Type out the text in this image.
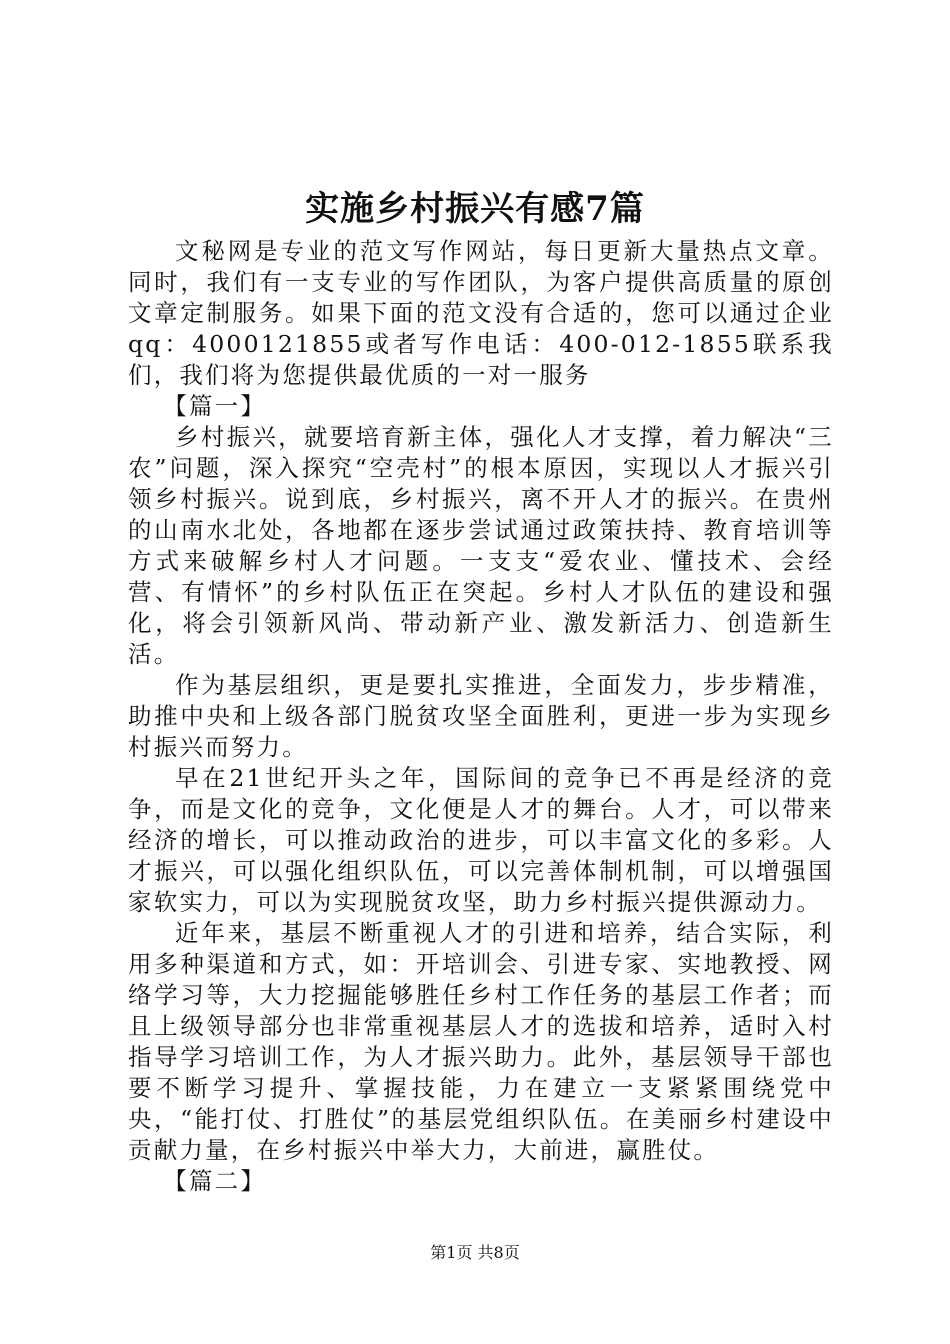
实施乡村振兴有感7篇

文秘网是专业的范文写作网站，每日更新大量热点文章。同时，我们有一支专业的写作团队，为客户提供高质量的原创文章定制服务。如果下面的范文没有合适的，您可以通过企业qq：4000121855或者写作电话：400-012-1855联系我们，我们将为您提供最优质的一对一服务

【篇一】

乡村振兴，就要培育新主体，强化人才支撑，着力解决“三农”问题，深入探究“空壳村”的根本原因，实现以人才振兴引领乡村振兴。说到底，乡村振兴，离不开人才的振兴。在贵州的山南水北处，各地都在逐步尝试通过政策扶持、教育培训等方式来破解乡村人才问题。一支支“爱农业、懂技术、会经营、有情怀”的乡村队伍正在突起。乡村人才队伍的建设和强化，将会引领新风尚、带动新产业、激发新活力、创造新生活。

作为基层组织，更是要扎实推进，全面发力，步步精准，助推中央和上级各部门脱贫攻坚全面胜利，更进一步为实现乡村振兴而努力。

早在21世纪开头之年，国际间的竞争已不再是经济的竞争，而是文化的竞争，文化便是人才的舞台。人才，可以带来经济的增长，可以推动政治的进步，可以丰富文化的多彩。人才振兴，可以强化组织队伍，可以完善体制机制，可以增强国家软实力，可以为实现脱贫攻坚，助力乡村振兴提供源动力。

近年来，基层不断重视人才的引进和培养，结合实际，利用多种渠道和方式，如：开培训会、引进专家、实地教授、网络学习等，大力挖掘能够胜任乡村工作任务的基层工作者；而且上级领导部分也非常重视基层人才的选拔和培养，适时入村指导学习培训工作，为人才振兴助力。此外，基层领导干部也要不断学习提升、掌握技能，力在建立一支紧紧围绕党中央，“能打仗、打胜仗”的基层党组织队伍。在美丽乡村建设中贡献力量，在乡村振兴中举大力，大前进，赢胜仗。

【篇二】

第1页 共8页
